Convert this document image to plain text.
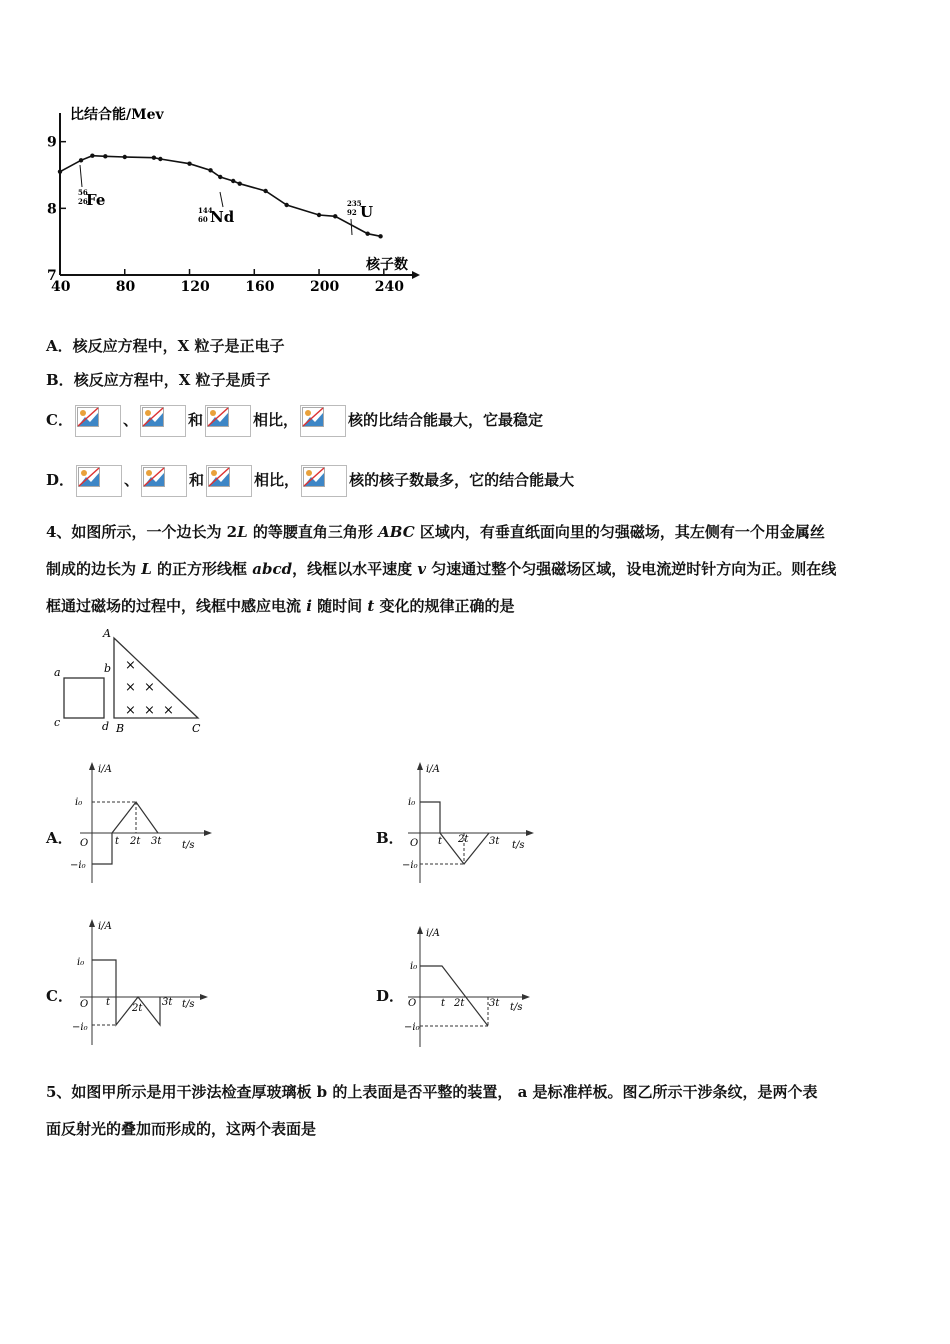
比结合能/Mev
核子数
40	80	120	160	200	240
7
8
9
56
26
Fe
144
60 Nd
235
92 U
A．核反应方程中，X 粒子是正电子
B．核反应方程中，X 粒子是质子
C．	、	和	相比，	核的比结合能最大，它最稳定
D．	、	和	相比，	核的核子数最多，它的结合能最大
4、如图所示，一个边长为 2L 的等腰直角三角形 ABC 区域内，有垂直纸面向里的匀强磁场，其左侧有一个用金属丝
制成的边长为 L 的正方形线框 abcd，线框以水平速度 v 匀速通过整个匀强磁场区域，设电流逆时针方向为正。则在线
框通过磁场的过程中，线框中感应电流 i 随时间 t 变化的规律正确的是
a	b
c	d
A
B	C
×
× ×
× × ×
A．	B．
C．	D．
i/A
t/s
O
i₀
−i₀
t 2t 3t
i/A
t/s
O
i₀
−i₀
t 2t 3t
i/A
t/s
O
i₀
−i₀
t
2t
3t
i/A
t/s
O
i₀
−i₀
t 2t 3t
5、如图甲所示是用干涉法检查厚玻璃板 b 的上表面是否平整的装置， a 是标准样板。图乙所示干涉条纹，是两个表
面反射光的叠加而形成的，这两个表面是
